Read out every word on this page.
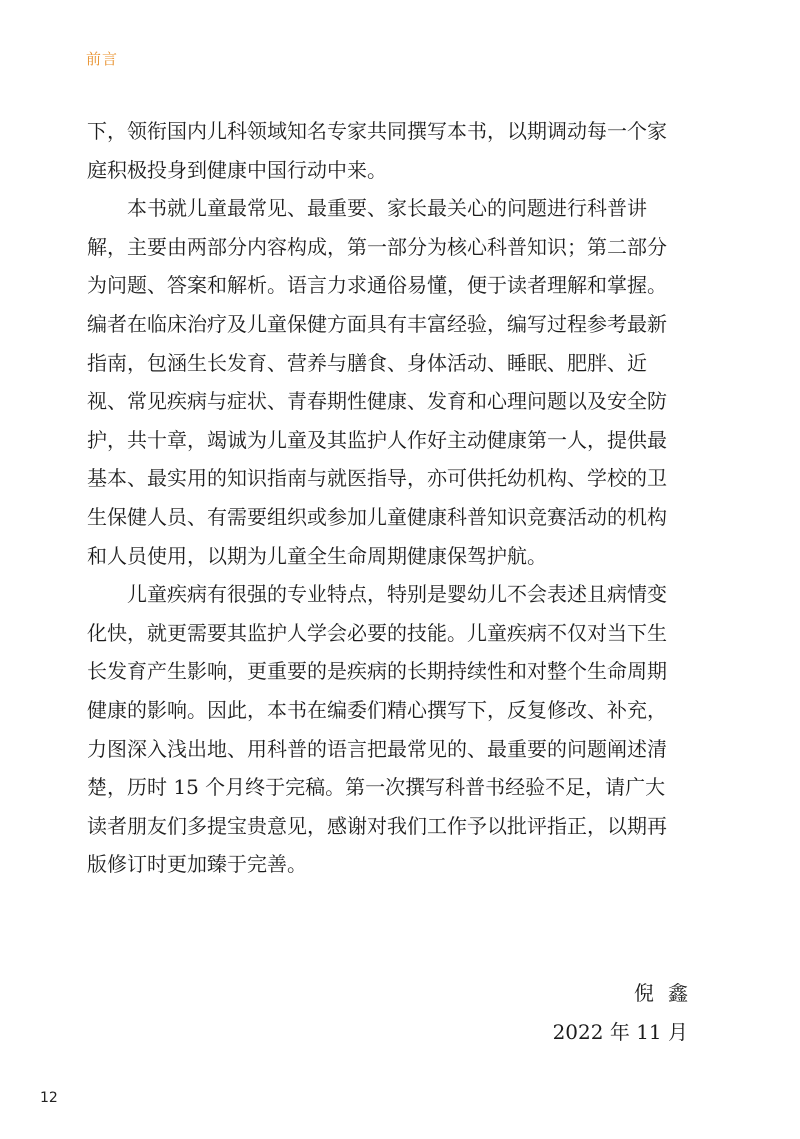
前言

下，领衔国内儿科领域知名专家共同撰写本书，以期调动每一个家
庭积极投身到健康中国行动中来。

　　本书就儿童最常见、最重要、家长最关心的问题进行科普讲
解，主要由两部分内容构成，第一部分为核心科普知识；第二部分
为问题、答案和解析。语言力求通俗易懂，便于读者理解和掌握。
编者在临床治疗及儿童保健方面具有丰富经验，编写过程参考最新
指南，包涵生长发育、营养与膳食、身体活动、睡眠、肥胖、近
视、常见疾病与症状、青春期性健康、发育和心理问题以及安全防
护，共十章，竭诚为儿童及其监护人作好主动健康第一人，提供最
基本、最实用的知识指南与就医指导，亦可供托幼机构、学校的卫
生保健人员、有需要组织或参加儿童健康科普知识竞赛活动的机构
和人员使用，以期为儿童全生命周期健康保驾护航。

　　儿童疾病有很强的专业特点，特别是婴幼儿不会表述且病情变
化快，就更需要其监护人学会必要的技能。儿童疾病不仅对当下生
长发育产生影响，更重要的是疾病的长期持续性和对整个生命周期
健康的影响。因此，本书在编委们精心撰写下，反复修改、补充，
力图深入浅出地、用科普的语言把最常见的、最重要的问题阐述清
楚，历时 15 个月终于完稿。第一次撰写科普书经验不足，请广大
读者朋友们多提宝贵意见，感谢对我们工作予以批评指正，以期再
版修订时更加臻于完善。

倪鑫
2022 年 11 月
12
